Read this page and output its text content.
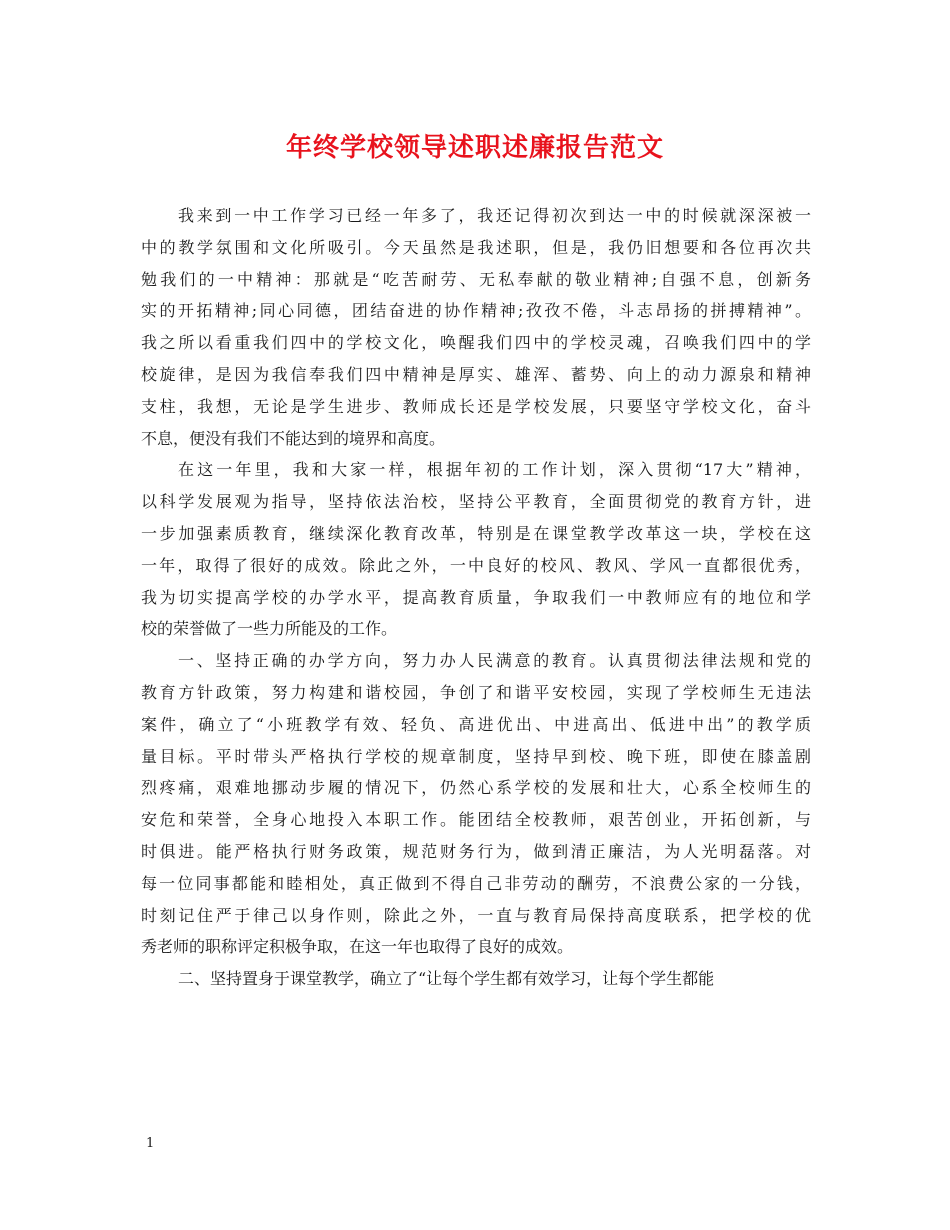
年终学校领导述职述廉报告范文
我来到一中工作学习已经一年多了，我还记得初次到达一中的时候就深深被一
中的教学氛围和文化所吸引。今天虽然是我述职，但是，我仍旧想要和各位再次共
勉我们的一中精神：那就是“吃苦耐劳、无私奉献的敬业精神;自强不息，创新务
实的开拓精神;同心同德，团结奋进的协作精神;孜孜不倦，斗志昂扬的拼搏精神”。
我之所以看重我们四中的学校文化，唤醒我们四中的学校灵魂，召唤我们四中的学
校旋律，是因为我信奉我们四中精神是厚实、雄浑、蓄势、向上的动力源泉和精神
支柱，我想，无论是学生进步、教师成长还是学校发展，只要坚守学校文化，奋斗
不息，便没有我们不能达到的境界和高度。
在这一年里，我和大家一样，根据年初的工作计划，深入贯彻“17大”精神，
以科学发展观为指导，坚持依法治校，坚持公平教育，全面贯彻党的教育方针，进
一步加强素质教育，继续深化教育改革，特别是在课堂教学改革这一块，学校在这
一年，取得了很好的成效。除此之外，一中良好的校风、教风、学风一直都很优秀，
我为切实提高学校的办学水平，提高教育质量，争取我们一中教师应有的地位和学
校的荣誉做了一些力所能及的工作。
一、坚持正确的办学方向，努力办人民满意的教育。认真贯彻法律法规和党的
教育方针政策，努力构建和谐校园，争创了和谐平安校园，实现了学校师生无违法
案件，确立了“小班教学有效、轻负、高进优出、中进高出、低进中出”的教学质
量目标。平时带头严格执行学校的规章制度，坚持早到校、晚下班，即使在膝盖剧
烈疼痛，艰难地挪动步履的情况下，仍然心系学校的发展和壮大，心系全校师生的
安危和荣誉，全身心地投入本职工作。能团结全校教师，艰苦创业，开拓创新，与
时俱进。能严格执行财务政策，规范财务行为，做到清正廉洁，为人光明磊落。对
每一位同事都能和睦相处，真正做到不得自己非劳动的酬劳，不浪费公家的一分钱，
时刻记住严于律己以身作则，除此之外，一直与教育局保持高度联系，把学校的优
秀老师的职称评定积极争取，在这一年也取得了良好的成效。
二、坚持置身于课堂教学，确立了“让每个学生都有效学习，让每个学生都能
1
